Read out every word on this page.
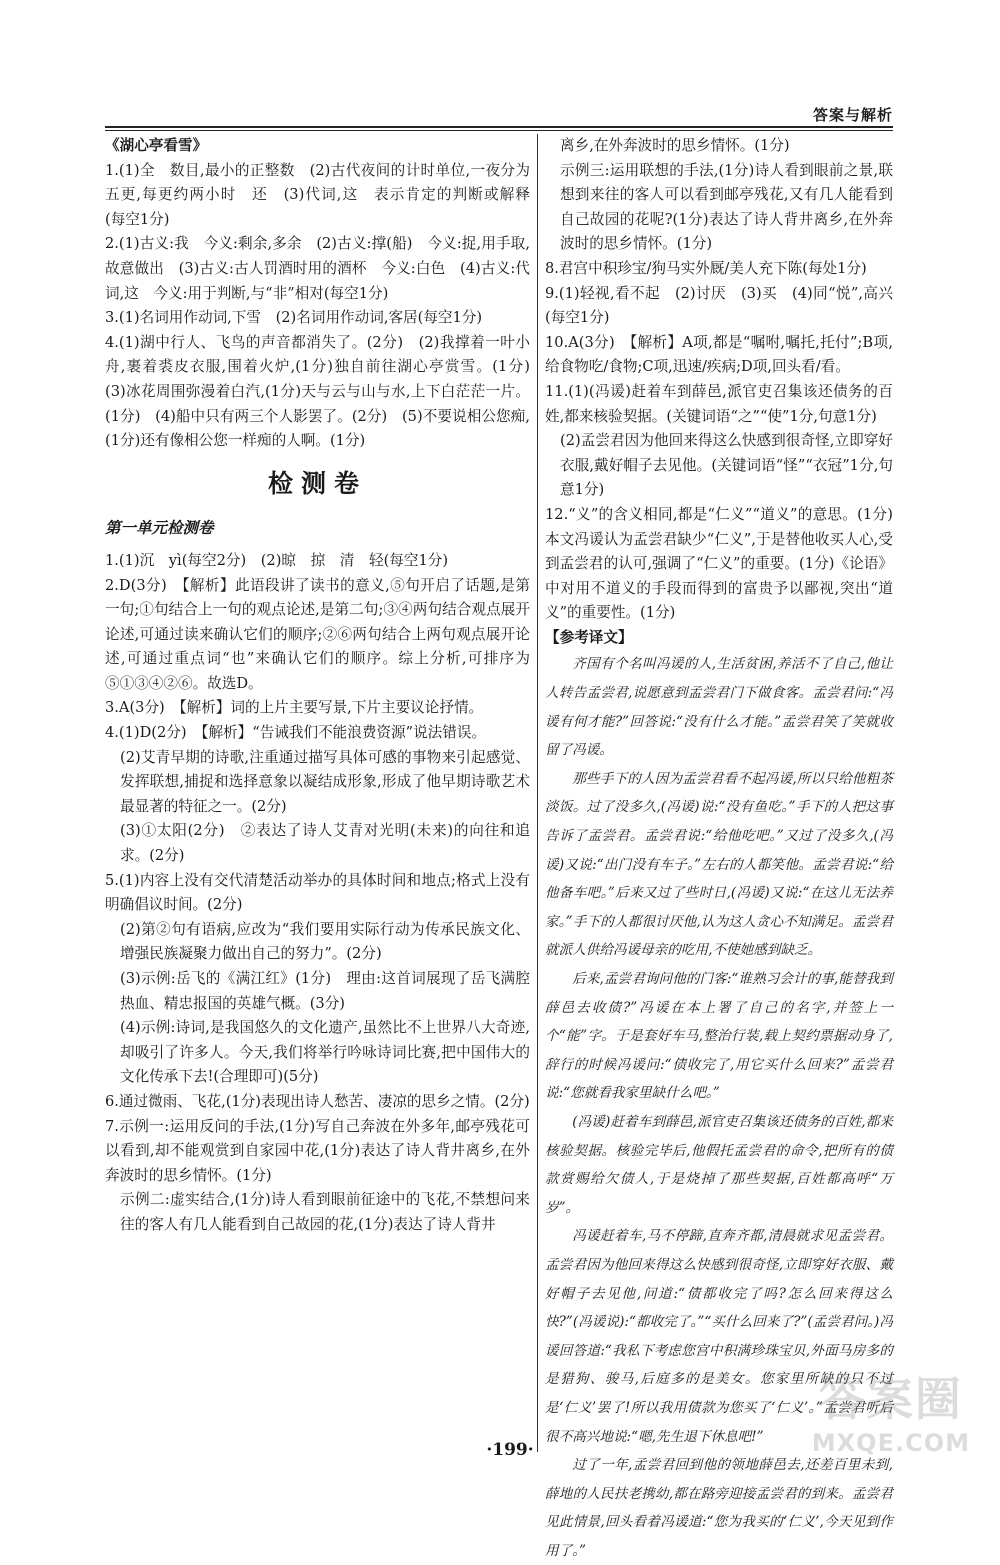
答案与解析

《湖心亭看雪》

1.(1)全　数目,最小的正整数　(2)古代夜间的计时单位,一夜分为五更,每更约两小时　还　(3)代词,这　表示肯定的判断或解释　(每空1分)

2.(1)古义:我　今义:剩余,多余　(2)古义:撑(船)　今义:捉,用手取,故意做出　(3)古义:古人罚酒时用的酒杯　今义:白色　(4)古义:代词,这　今义:用于判断,与“非”相对(每空1分)

3.(1)名词用作动词,下雪　(2)名词用作动词,客居(每空1分)

4.(1)湖中行人、飞鸟的声音都消失了。(2分)　(2)我撑着一叶小舟,裹着裘皮衣服,围着火炉,(1分)独自前往湖心亭赏雪。(1分)　(3)冰花周围弥漫着白汽,(1分)天与云与山与水,上下白茫茫一片。(1分)　(4)船中只有两三个人影罢了。(2分)　(5)不要说相公您痴,(1分)还有像相公您一样痴的人啊。(1分)

检测卷
第一单元检测卷

1.(1)沉　yì(每空2分)　(2)晾　掠　清　轻(每空1分)

2.D(3分)　【解析】此语段讲了读书的意义,⑤句开启了话题,是第一句;①句结合上一句的观点论述,是第二句;③④两句结合观点展开论述,可通过读来确认它们的顺序;②⑥两句结合上两句观点展开论述,可通过重点词“也”来确认它们的顺序。综上分析,可排序为⑤①③④②⑥。故选D。

3.A(3分)　【解析】词的上片主要写景,下片主要议论抒情。

4.(1)D(2分)　【解析】“告诫我们不能浪费资源”说法错误。

(2)艾青早期的诗歌,注重通过描写具体可感的事物来引起感觉、发挥联想,捕捉和选择意象以凝结成形象,形成了他早期诗歌艺术最显著的特征之一。(2分)

(3)①太阳(2分)　②表达了诗人艾青对光明(未来)的向往和追求。(2分)

5.(1)内容上没有交代清楚活动举办的具体时间和地点;格式上没有明确倡议时间。(2分)

(2)第②句有语病,应改为“我们要用实际行动为传承民族文化、增强民族凝聚力做出自己的努力”。(2分)

(3)示例:岳飞的《满江红》(1分)　理由:这首词展现了岳飞满腔热血、精忠报国的英雄气概。(3分)

(4)示例:诗词,是我国悠久的文化遗产,虽然比不上世界八大奇迹,却吸引了许多人。今天,我们将举行吟咏诗词比赛,把中国伟大的文化传承下去!(合理即可)(5分)

6.通过微雨、飞花,(1分)表现出诗人愁苦、凄凉的思乡之情。(2分)

7.示例一:运用反问的手法,(1分)写自己奔波在外多年,邮亭残花可以看到,却不能观赏到自家园中花,(1分)表达了诗人背井离乡,在外奔波时的思乡情怀。(1分)

示例二:虚实结合,(1分)诗人看到眼前征途中的飞花,不禁想问来往的客人有几人能看到自己故园的花,(1分)表达了诗人背井

离乡,在外奔波时的思乡情怀。(1分)

示例三:运用联想的手法,(1分)诗人看到眼前之景,联想到来往的客人可以看到邮亭残花,又有几人能看到自己故园的花呢?(1分)表达了诗人背井离乡,在外奔波时的思乡情怀。(1分)

8.君宫中积珍宝/狗马实外厩/美人充下陈(每处1分)

9.(1)轻视,看不起　(2)讨厌　(3)买　(4)同“悦”,高兴(每空1分)

10.A(3分)　【解析】A项,都是“嘱咐,嘱托,托付”;B项,给食物吃/食物;C项,迅速/疾病;D项,回头看/看。

11.(1)(冯谖)赶着车到薛邑,派官吏召集该还债务的百姓,都来核验契据。(关键词语“之”“使”1分,句意1分)

(2)孟尝君因为他回来得这么快感到很奇怪,立即穿好衣服,戴好帽子去见他。(关键词语“怪”“衣冠”1分,句意1分)

12.“义”的含义相同,都是“仁义”“道义”的意思。(1分)本文冯谖认为孟尝君缺少“仁义”,于是替他收买人心,受到孟尝君的认可,强调了“仁义”的重要。(1分)《论语》中对用不道义的手段而得到的富贵予以鄙视,突出“道义”的重要性。(1分)

【参考译文】

齐国有个名叫冯谖的人,生活贫困,养活不了自己,他让人转告孟尝君,说愿意到孟尝君门下做食客。孟尝君问:“冯谖有何才能?”回答说:“没有什么才能。”孟尝君笑了笑就收留了冯谖。

那些手下的人因为孟尝君看不起冯谖,所以只给他粗茶淡饭。过了没多久,(冯谖)说:“没有鱼吃。”手下的人把这事告诉了孟尝君。孟尝君说:“给他吃吧。”又过了没多久,(冯谖)又说:“出门没有车子。”左右的人都笑他。孟尝君说:“给他备车吧。”后来又过了些时日,(冯谖)又说:“在这儿无法养家。”手下的人都很讨厌他,认为这人贪心不知满足。孟尝君就派人供给冯谖母亲的吃用,不使她感到缺乏。

后来,孟尝君询问他的门客:“谁熟习会计的事,能替我到薛邑去收债?”冯谖在本上署了自己的名字,并签上一个“能”字。于是套好车马,整治行装,载上契约票据动身了,辞行的时候冯谖问:“债收完了,用它买什么回来?”孟尝君说:“您就看我家里缺什么吧。”

(冯谖)赶着车到薛邑,派官吏召集该还债务的百姓,都来核验契据。核验完毕后,他假托孟尝君的命令,把所有的债款赏赐给欠债人,于是烧掉了那些契据,百姓都高呼“万岁”。

冯谖赶着车,马不停蹄,直奔齐都,清晨就求见孟尝君。孟尝君因为他回来得这么快感到很奇怪,立即穿好衣服、戴好帽子去见他,问道:“债都收完了吗?怎么回来得这么快?”(冯谖说):“都收完了。”“买什么回来了?”(孟尝君问。)冯谖回答道:“我私下考虑您宫中积满珍珠宝贝,外面马房多的是猎狗、骏马,后庭多的是美女。您家里所缺的只不过是‘仁义’罢了!所以我用债款为您买了‘仁义’。”孟尝君听后很不高兴地说:“嗯,先生退下休息吧!”

过了一年,孟尝君回到他的领地薛邑去,还差百里未到,薛地的人民扶老携幼,都在路旁迎接孟尝君的到来。孟尝君见此情景,回头看着冯谖道:“您为我买的‘仁义’,今天见到作用了。”

·199·
答案圈
MXQE.COM
